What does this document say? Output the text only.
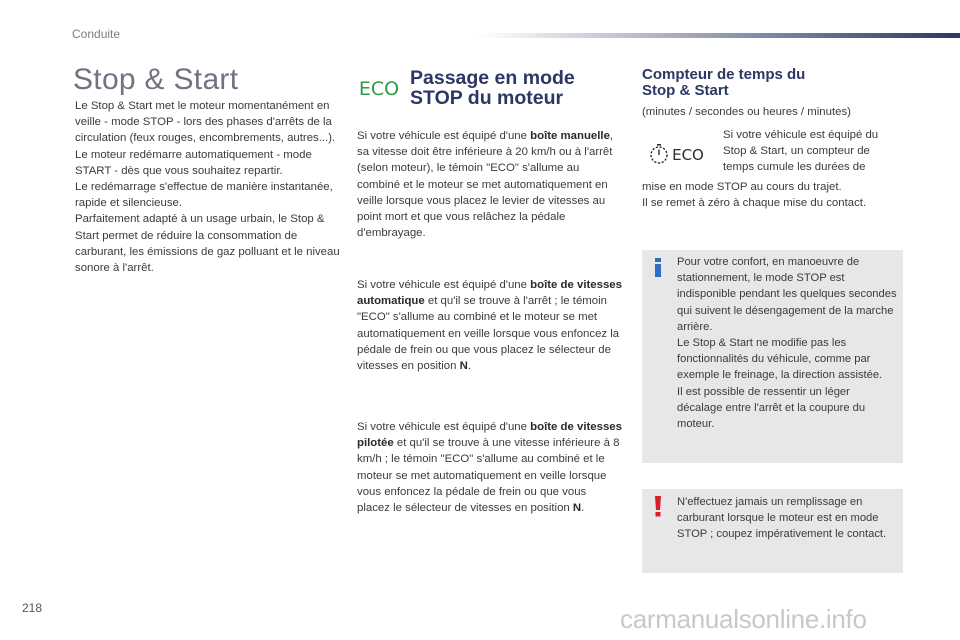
Conduite
Stop & Start
Le Stop & Start met le moteur momentanément en veille - mode STOP - lors des phases d'arrêts de la circulation (feux rouges, encombrements, autres...). Le moteur redémarre automatiquement - mode START - dès que vous souhaitez repartir.
Le redémarrage s'effectue de manière instantanée, rapide et silencieuse.
Parfaitement adapté à un usage urbain, le Stop & Start permet de réduire la consommation de carburant, les émissions de gaz polluant et le niveau sonore à l'arrêt.
ECO Passage en mode
STOP du moteur
Si votre véhicule est équipé d'une boîte manuelle, sa vitesse doit être inférieure à 20 km/h ou à l'arrêt (selon moteur), le témoin "ECO" s'allume au combiné et le moteur se met automatiquement en veille lorsque vous placez le levier de vitesses au point mort et que vous relâchez la pédale d'embrayage.
Si votre véhicule est équipé d'une boîte de vitesses automatique et qu'il se trouve à l'arrêt ; le témoin "ECO" s'allume au combiné et le moteur se met automatiquement en veille lorsque vous enfoncez la pédale de frein ou que vous placez le sélecteur de vitesses en position N.
Si votre véhicule est équipé d'une boîte de vitesses pilotée et qu'il se trouve à une vitesse inférieure à 8 km/h ; le témoin "ECO" s'allume au combiné et le moteur se met automatiquement en veille lorsque vous enfoncez la pédale de frein ou que vous placez le sélecteur de vitesses en position N.
Compteur de temps du
Stop & Start
(minutes / secondes ou heures / minutes)
ECO
Si votre véhicule est équipé du Stop & Start, un compteur de temps cumule les durées de
mise en mode STOP au cours du trajet.
Il se remet à zéro à chaque mise du contact.
Pour votre confort, en manoeuvre de stationnement, le mode STOP est indisponible pendant les quelques secondes qui suivent le désengagement de la marche arrière.
Le Stop & Start ne modifie pas les fonctionnalités du véhicule, comme par exemple le freinage, la direction assistée.
Il est possible de ressentir un léger décalage entre l'arrêt et la coupure du moteur.
N'effectuez jamais un remplissage en carburant lorsque le moteur est en mode STOP ; coupez impérativement le contact.
218	carmanualsonline.info
